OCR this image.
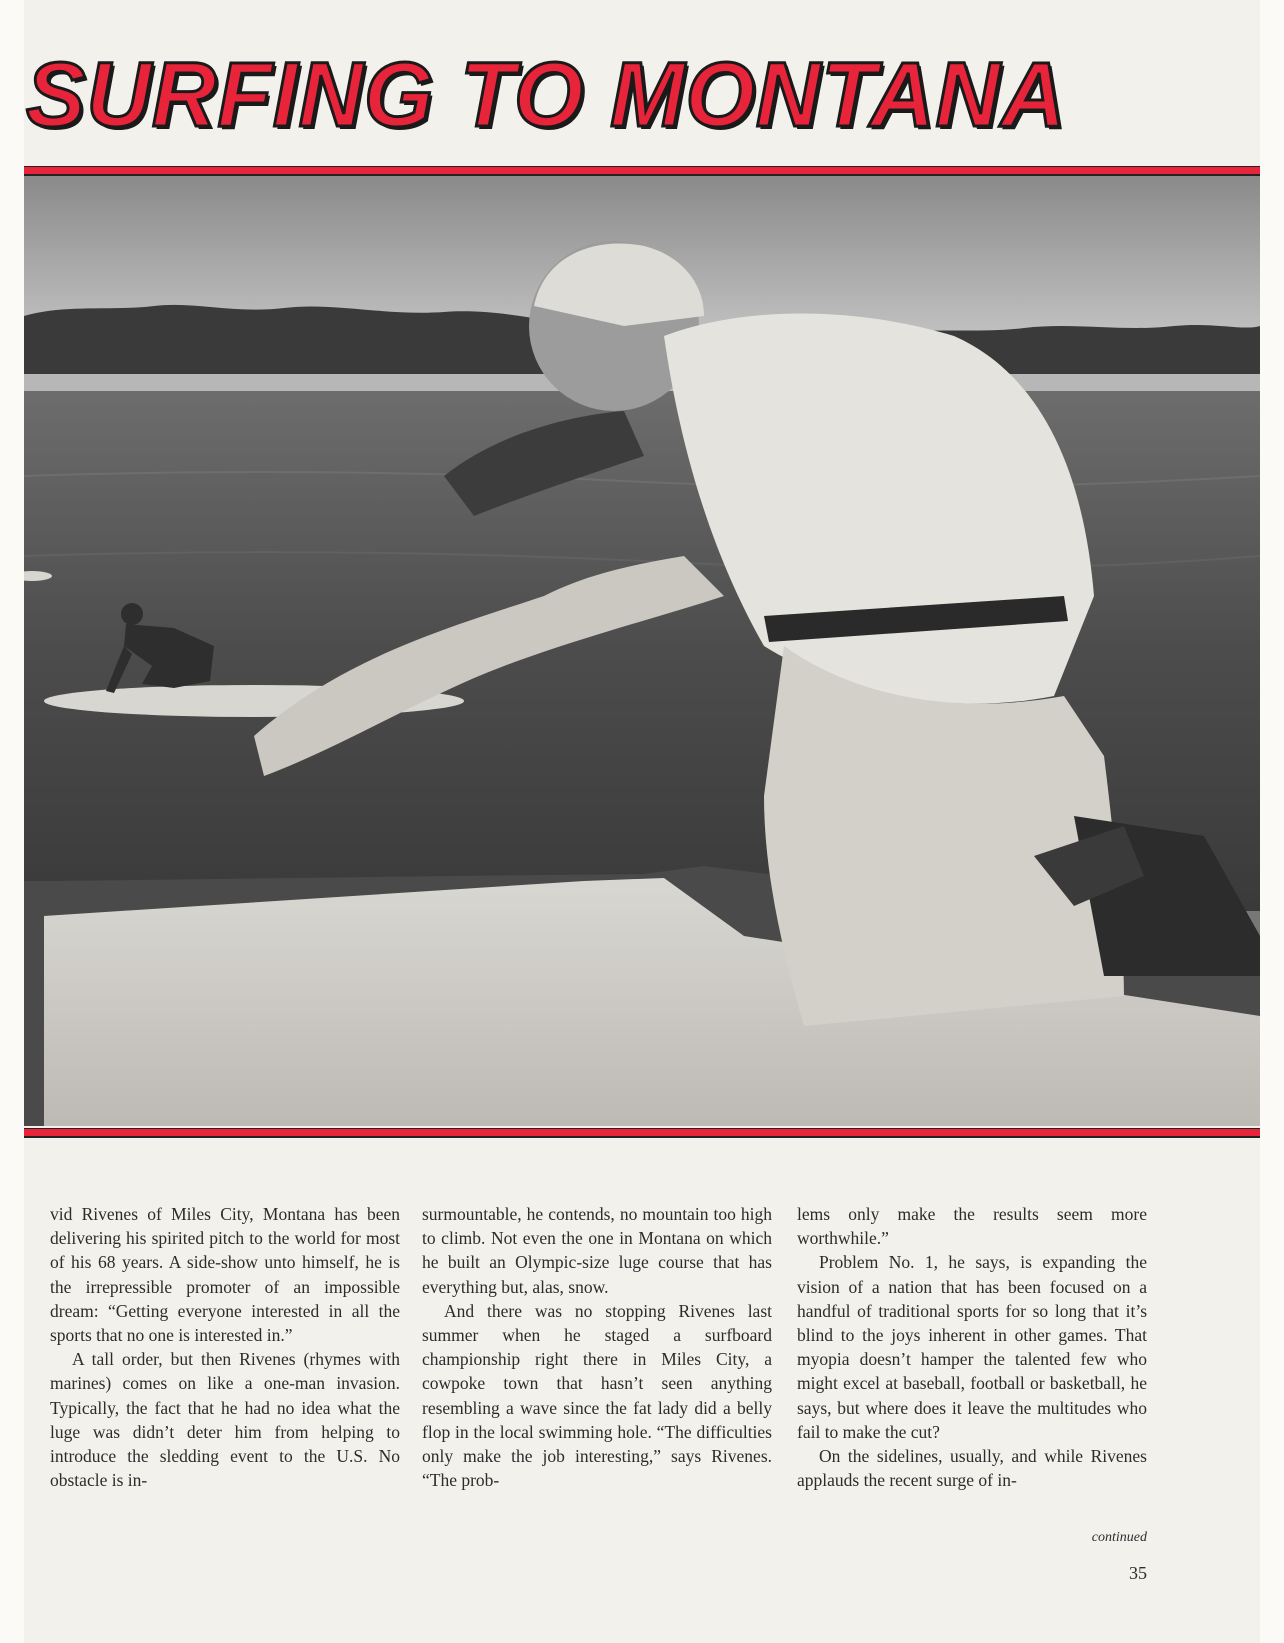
SURFING TO MONTANA

vid Rivenes of Miles City, Montana has been delivering his spirited pitch to the world for most of his 68 years. A side-show unto himself, he is the irrepressible promoter of an impossible dream: “Getting everyone interested in all the sports that no one is interested in.”

A tall order, but then Rivenes (rhymes with marines) comes on like a one-man invasion. Typically, the fact that he had no idea what the luge was didn’t deter him from helping to introduce the sledding event to the U.S. No obstacle is in-

surmountable, he contends, no mountain too high to climb. Not even the one in Montana on which he built an Olympic-size luge course that has everything but, alas, snow.

And there was no stopping Rivenes last summer when he staged a surfboard championship right there in Miles City, a cowpoke town that hasn’t seen anything resembling a wave since the fat lady did a belly flop in the local swimming hole. “The difficulties only make the job interesting,” says Rivenes. “The prob-

lems only make the results seem more worthwhile.”

Problem No. 1, he says, is expanding the vision of a nation that has been focused on a handful of traditional sports for so long that it’s blind to the joys inherent in other games. That myopia doesn’t hamper the talented few who might excel at baseball, football or basketball, he says, but where does it leave the multitudes who fail to make the cut?

On the sidelines, usually, and while Rivenes applauds the recent surge of in-

continued
35
